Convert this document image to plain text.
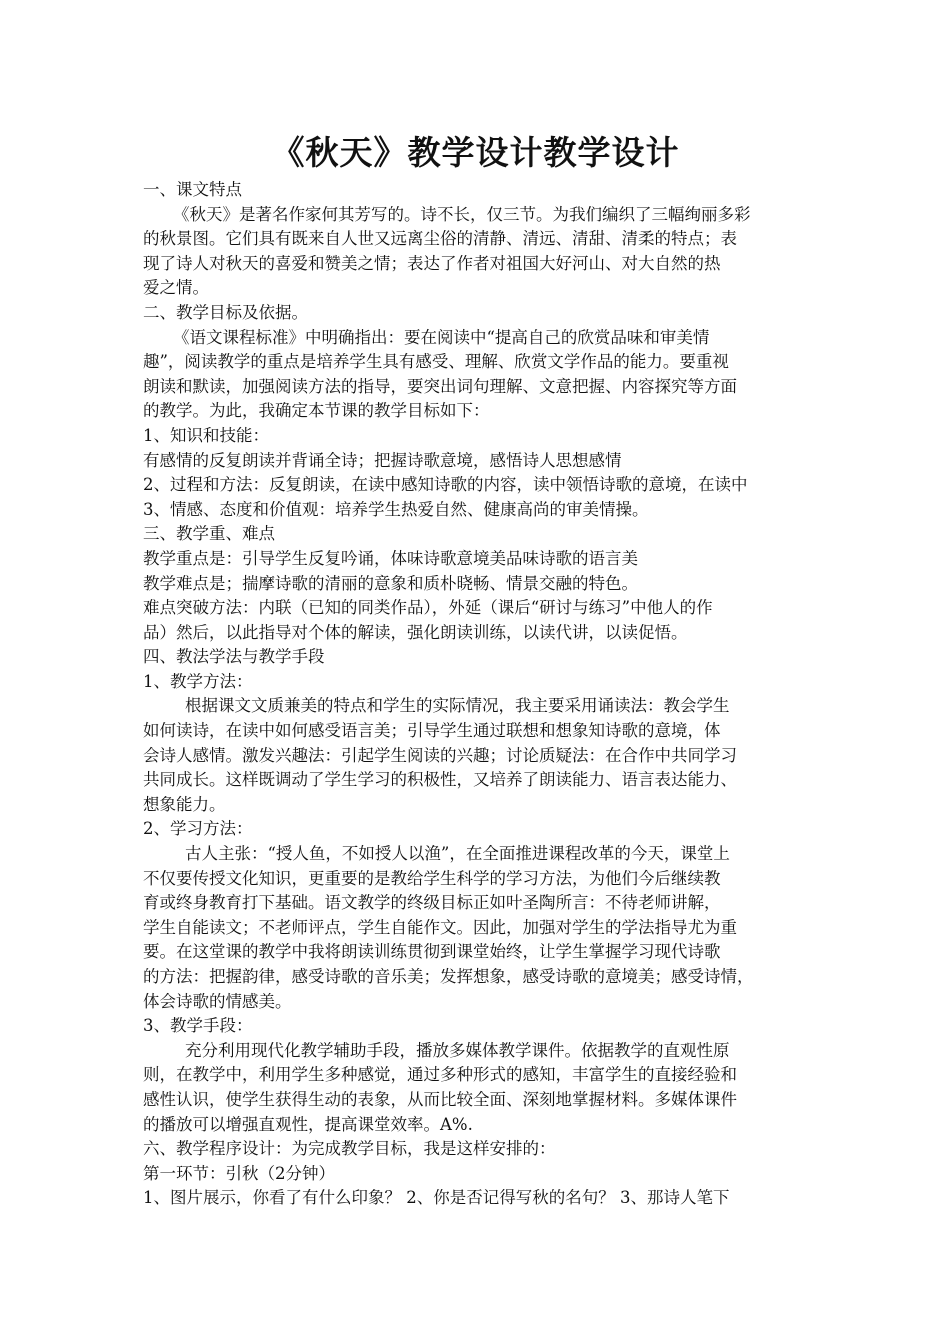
《秋天》教学设计教学设计

一、课文特点

《秋天》是著名作家何其芳写的。诗不长，仅三节。为我们编织了三幅绚丽多彩

的秋景图。它们具有既来自人世又远离尘俗的清静、清远、清甜、清柔的特点；表

现了诗人对秋天的喜爱和赞美之情；表达了作者对祖国大好河山、对大自然的热

爱之情。

二、教学目标及依据。

《语文课程标准》中明确指出：要在阅读中“提高自己的欣赏品味和审美情

趣”，阅读教学的重点是培养学生具有感受、理解、欣赏文学作品的能力。要重视

朗读和默读，加强阅读方法的指导，要突出词句理解、文意把握、内容探究等方面

的教学。为此，我确定本节课的教学目标如下：

1、知识和技能：

有感情的反复朗读并背诵全诗；把握诗歌意境，感悟诗人思想感情

2、过程和方法：反复朗读，在读中感知诗歌的内容，读中领悟诗歌的意境，在读中

3、情感、态度和价值观：培养学生热爱自然、健康高尚的审美情操。

三、教学重、难点

教学重点是：引导学生反复吟诵，体味诗歌意境美品味诗歌的语言美

教学难点是；揣摩诗歌的清丽的意象和质朴晓畅、情景交融的特色。

难点突破方法：内联（已知的同类作品），外延（课后“研讨与练习”中他人的作

品）然后，以此指导对个体的解读，强化朗读训练，以读代讲，以读促悟。

四、教法学法与教学手段

1、教学方法：

根据课文文质兼美的特点和学生的实际情况，我主要采用诵读法：教会学生

如何读诗，在读中如何感受语言美；引导学生通过联想和想象知诗歌的意境，体

会诗人感情。激发兴趣法：引起学生阅读的兴趣；讨论质疑法：在合作中共同学习

共同成长。这样既调动了学生学习的积极性，又培养了朗读能力、语言表达能力、

想象能力。

2、学习方法：

古人主张：“授人鱼，不如授人以渔”，在全面推进课程改革的今天，课堂上

不仅要传授文化知识，更重要的是教给学生科学的学习方法，为他们今后继续教

育或终身教育打下基础。语文教学的终级目标正如叶圣陶所言：不待老师讲解，

学生自能读文；不老师评点，学生自能作文。因此，加强对学生的学法指导尤为重

要。在这堂课的教学中我将朗读训练贯彻到课堂始终，让学生掌握学习现代诗歌

的方法：把握韵律，感受诗歌的音乐美；发挥想象，感受诗歌的意境美；感受诗情，

体会诗歌的情感美。

3、教学手段：

充分利用现代化教学辅助手段，播放多媒体教学课件。依据教学的直观性原

则，在教学中，利用学生多种感觉，通过多种形式的感知，丰富学生的直接经验和

感性认识，使学生获得生动的表象，从而比较全面、深刻地掌握材料。多媒体课件

的播放可以增强直观性，提高课堂效率。A%.

六、教学程序设计：为完成教学目标，我是这样安排的：

第一环节：引秋（2分钟）

1、图片展示，你看了有什么印象？ 2、你是否记得写秋的名句？ 3、那诗人笔下
